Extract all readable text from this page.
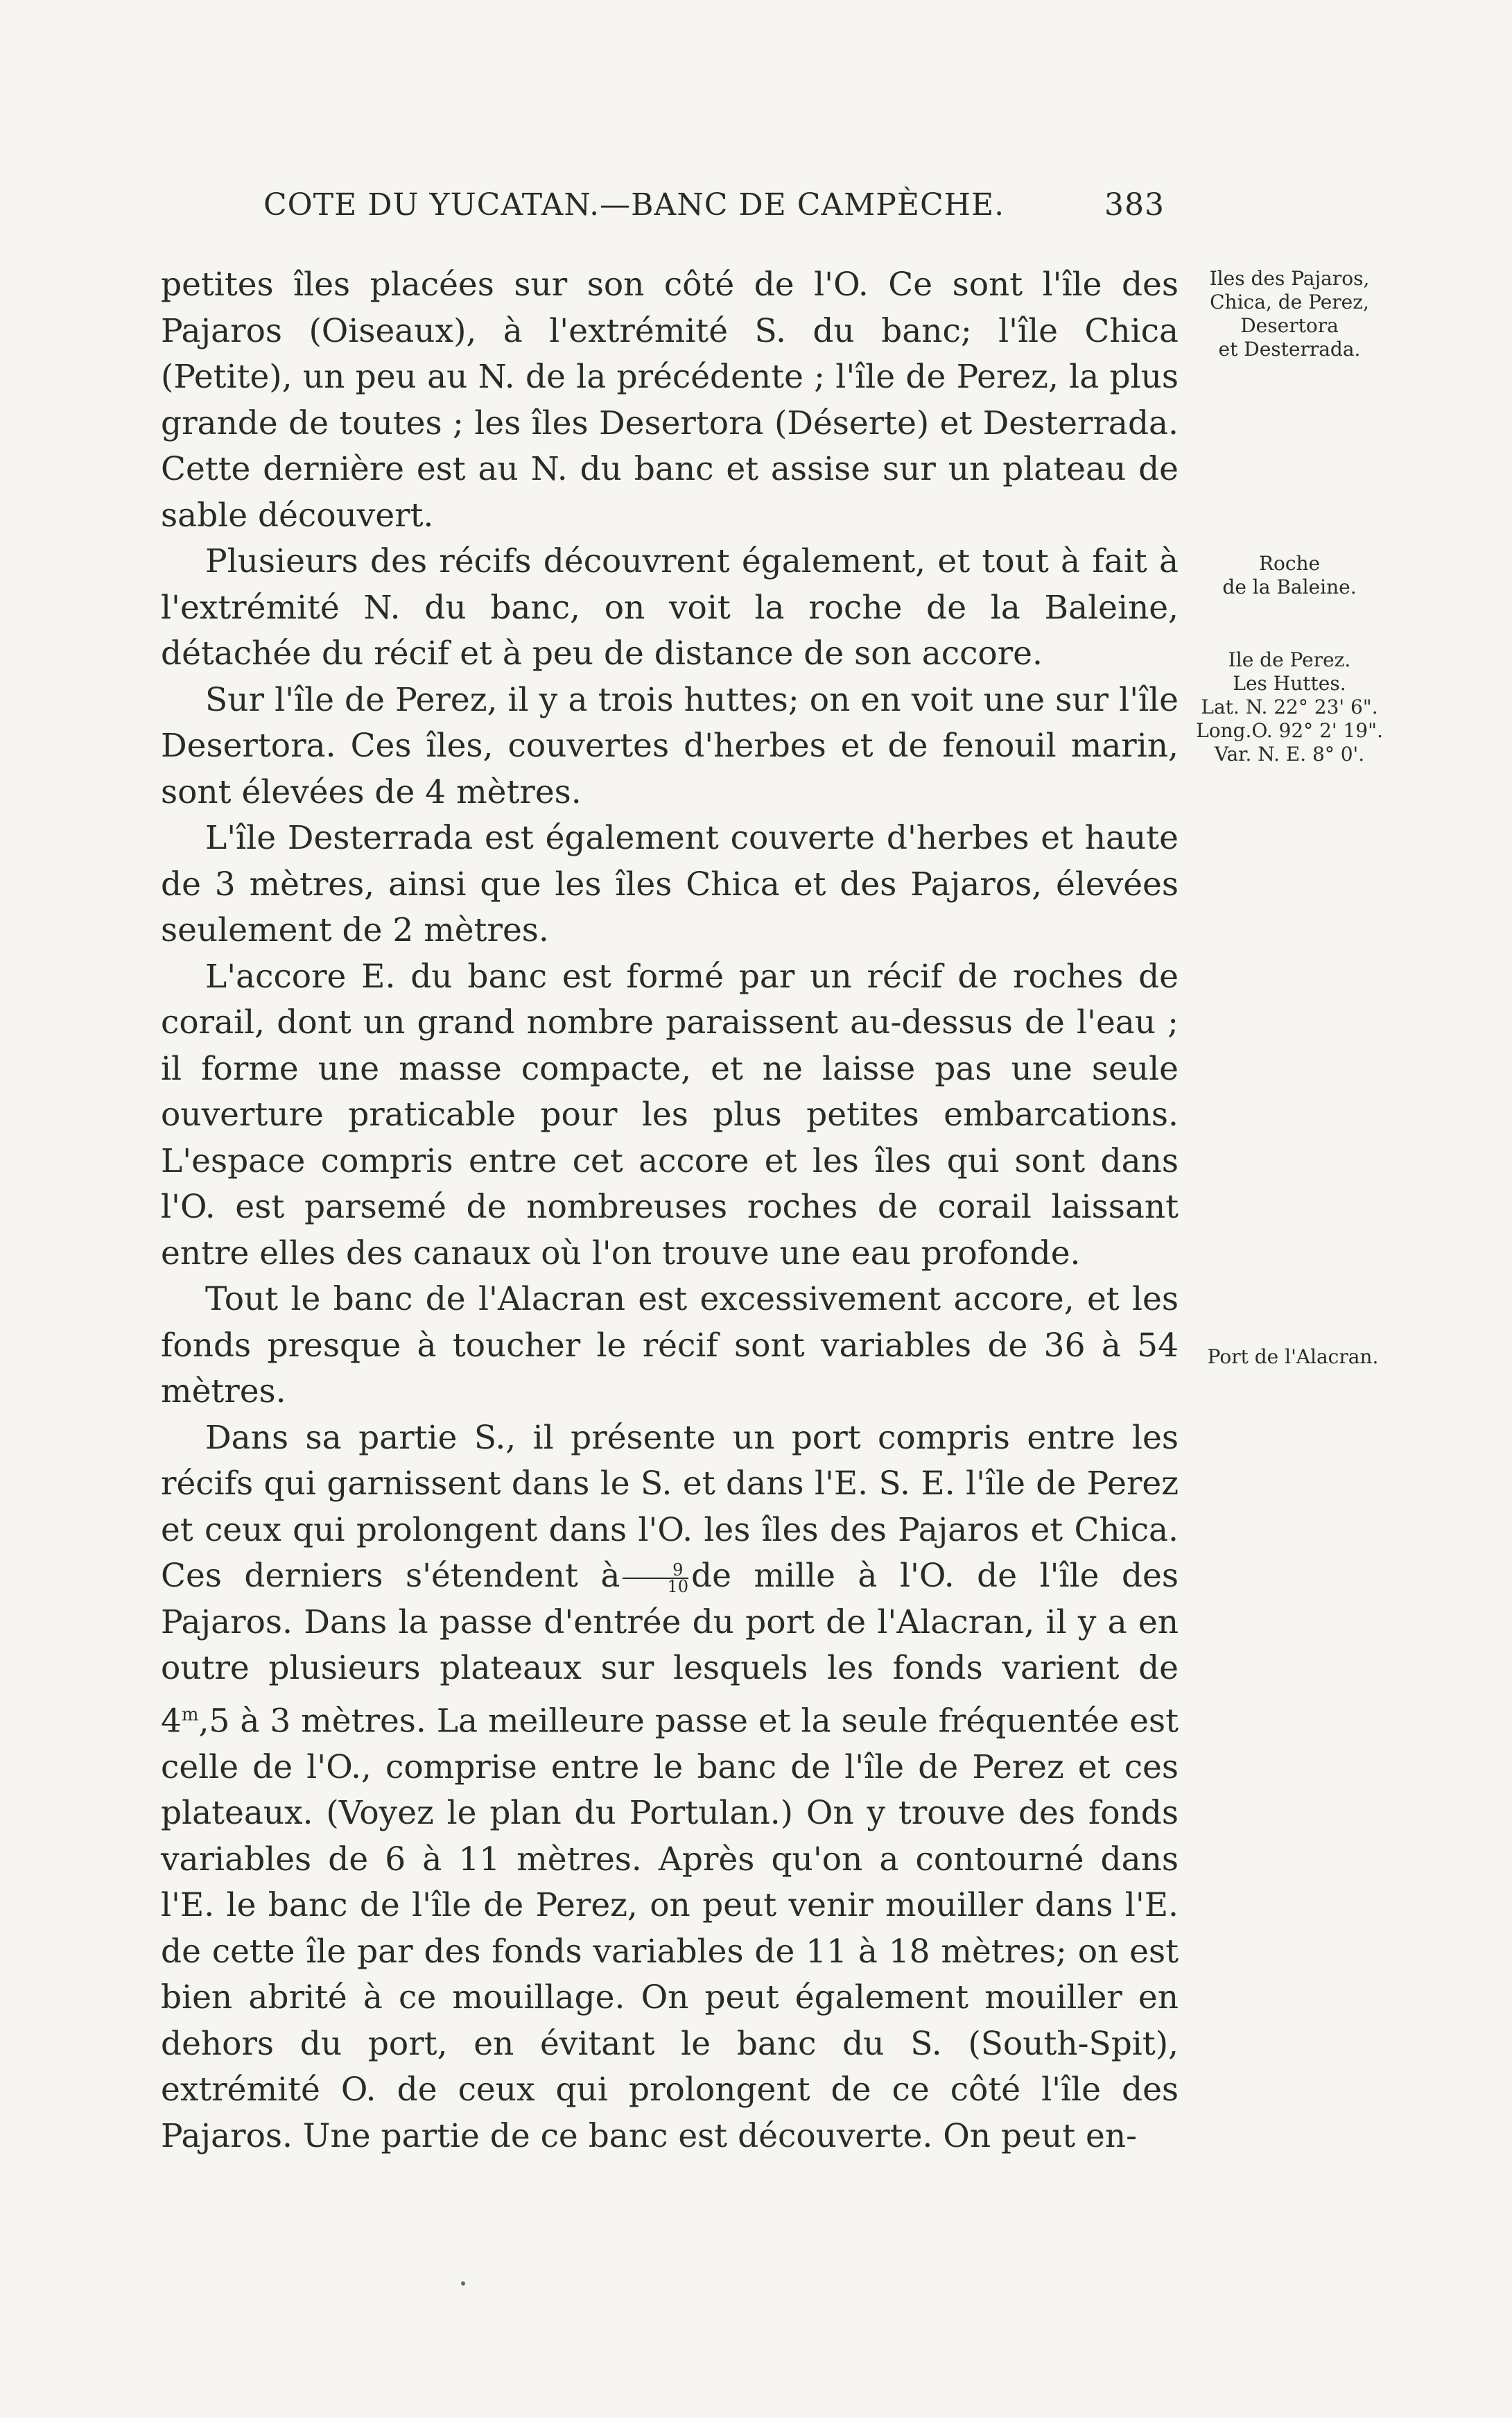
COTE DU YUCATAN.—BANC DE CAMPÈCHE.	383

petites îles placées sur son côté de l'O. Ce sont l'île des Pajaros (Oiseaux), à l'extrémité S. du banc; l'île Chica (Petite), un peu au N. de la précédente ; l'île de Perez, la plus grande de toutes ; les îles Desertora (Déserte) et Desterrada. Cette dernière est au N. du banc et assise sur un plateau de sable découvert.

Plusieurs des récifs découvrent également, et tout à fait à l'extrémité N. du banc, on voit la roche de la Baleine, détachée du récif et à peu de distance de son accore.

Sur l'île de Perez, il y a trois huttes; on en voit une sur l'île Desertora. Ces îles, couvertes d'herbes et de fenouil marin, sont élevées de 4 mètres.

L'île Desterrada est également couverte d'herbes et haute de 3 mètres, ainsi que les îles Chica et des Pajaros, élevées seulement de 2 mètres.

L'accore E. du banc est formé par un récif de roches de corail, dont un grand nombre paraissent au-dessus de l'eau ; il forme une masse compacte, et ne laisse pas une seule ouverture praticable pour les plus petites embarcations. L'espace compris entre cet accore et les îles qui sont dans l'O. est parsemé de nombreuses roches de corail laissant entre elles des canaux où l'on trouve une eau profonde.

Tout le banc de l'Alacran est excessivement accore, et les fonds presque à toucher le récif sont variables de 36 à 54 mètres.

Dans sa partie S., il présente un port compris entre les récifs qui garnissent dans le S. et dans l'E. S. E. l'île de Perez et ceux qui prolongent dans l'O. les îles des Pajaros et Chica. Ces derniers s'étendent à $\frac{9}{10}$ de mille à l'O. de l'île des Pajaros. Dans la passe d'entrée du port de l'Alacran, il y a en outre plusieurs plateaux sur lesquels les fonds varient de 4$^m$,5 à 3 mètres. La meilleure passe et la seule fréquentée est celle de l'O., comprise entre le banc de l'île de Perez et ces plateaux. (Voyez le plan du Portulan.) On y trouve des fonds variables de 6 à 11 mètres. Après qu'on a contourné dans l'E. le banc de l'île de Perez, on peut venir mouiller dans l'E. de cette île par des fonds variables de 11 à 18 mètres; on est bien abrité à ce mouillage. On peut également mouiller en dehors du port, en évitant le banc du S. (South-Spit), extrémité O. de ceux qui prolongent de ce côté l'île des Pajaros. Une partie de ce banc est découverte. On peut en-

Iles des Pajaros,
Chica, de Perez,
Desertora
et Desterrada.
Roche
de la Baleine.
Ile de Perez.
Les Huttes.
Lat. N. 22° 23' 6".
Long.O. 92° 2' 19".
Var. N. E. 8° 0'.
Port de l'Alacran.
